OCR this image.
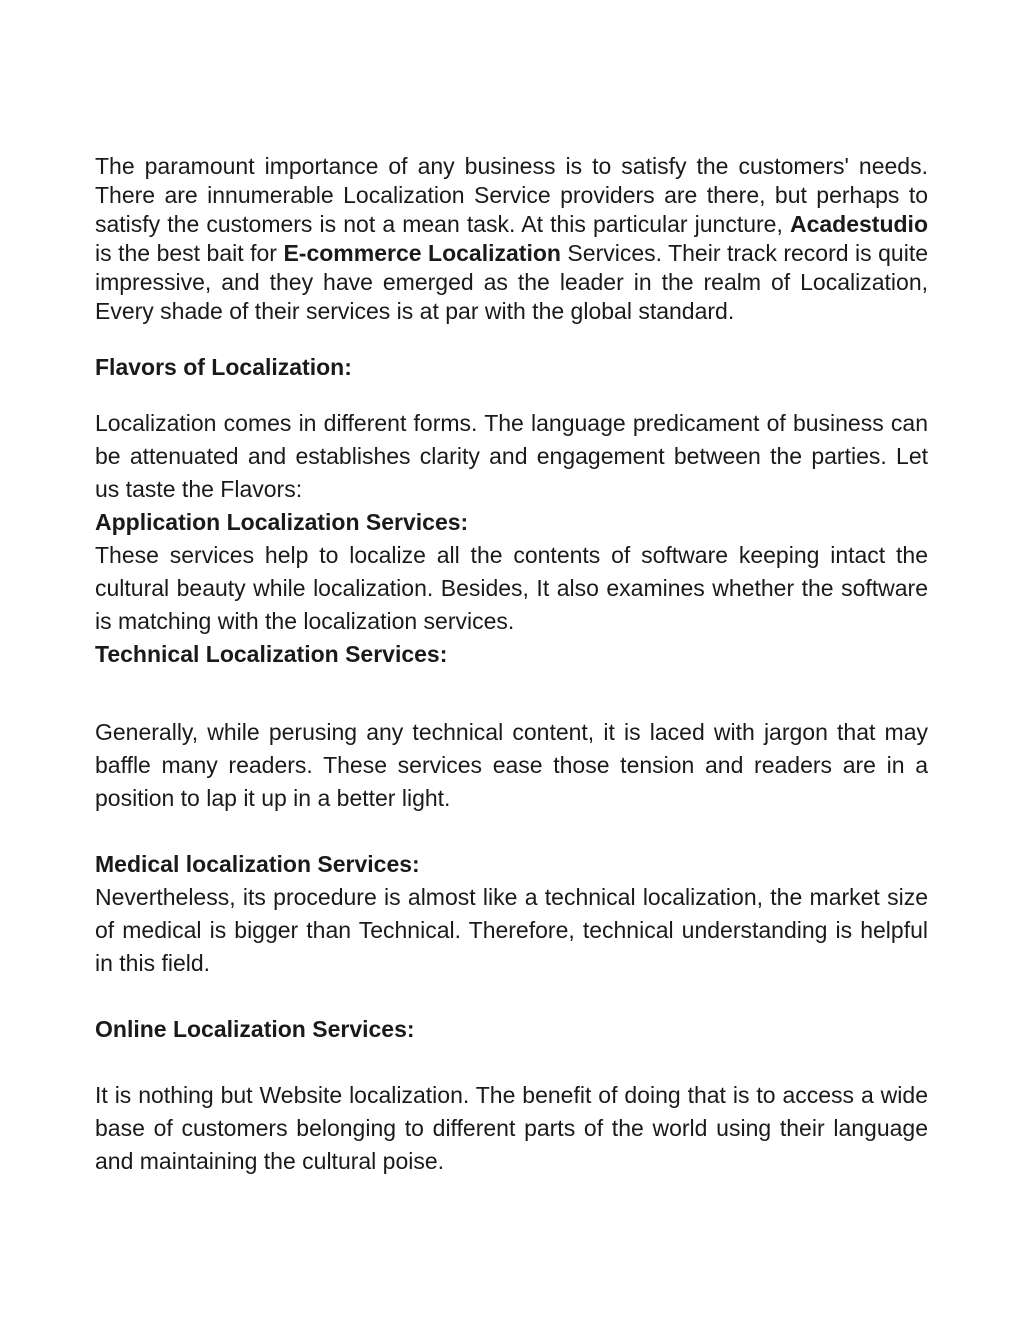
The paramount importance of any business is to satisfy the customers' needs. There are innumerable Localization Service providers are there, but perhaps to satisfy the customers is not a mean task. At this particular juncture, Acadestudio is the best bait for E-commerce Localization Services. Their track record is quite impressive, and they have emerged as the leader in the realm of Localization, Every shade of their services is at par with the global standard.

Flavors of Localization:

Localization comes in different forms. The language predicament of business can be attenuated and establishes clarity and engagement between the parties. Let us taste the Flavors:

Application Localization Services:

These services help to localize all the contents of software keeping intact the cultural beauty while localization. Besides, It also examines whether the software is matching with the localization services.

Technical Localization Services:

Generally, while perusing any technical content, it is laced with jargon that may baffle many readers. These services ease those tension and readers are in a position to lap it up in a better light.

Medical localization Services:

Nevertheless, its procedure is almost like a technical localization, the market size of medical is bigger than Technical. Therefore, technical understanding is helpful in this field.

Online Localization Services:

It is nothing but Website localization. The benefit of doing that is to access a wide base of customers belonging to different parts of the world using their language and maintaining the cultural poise.
